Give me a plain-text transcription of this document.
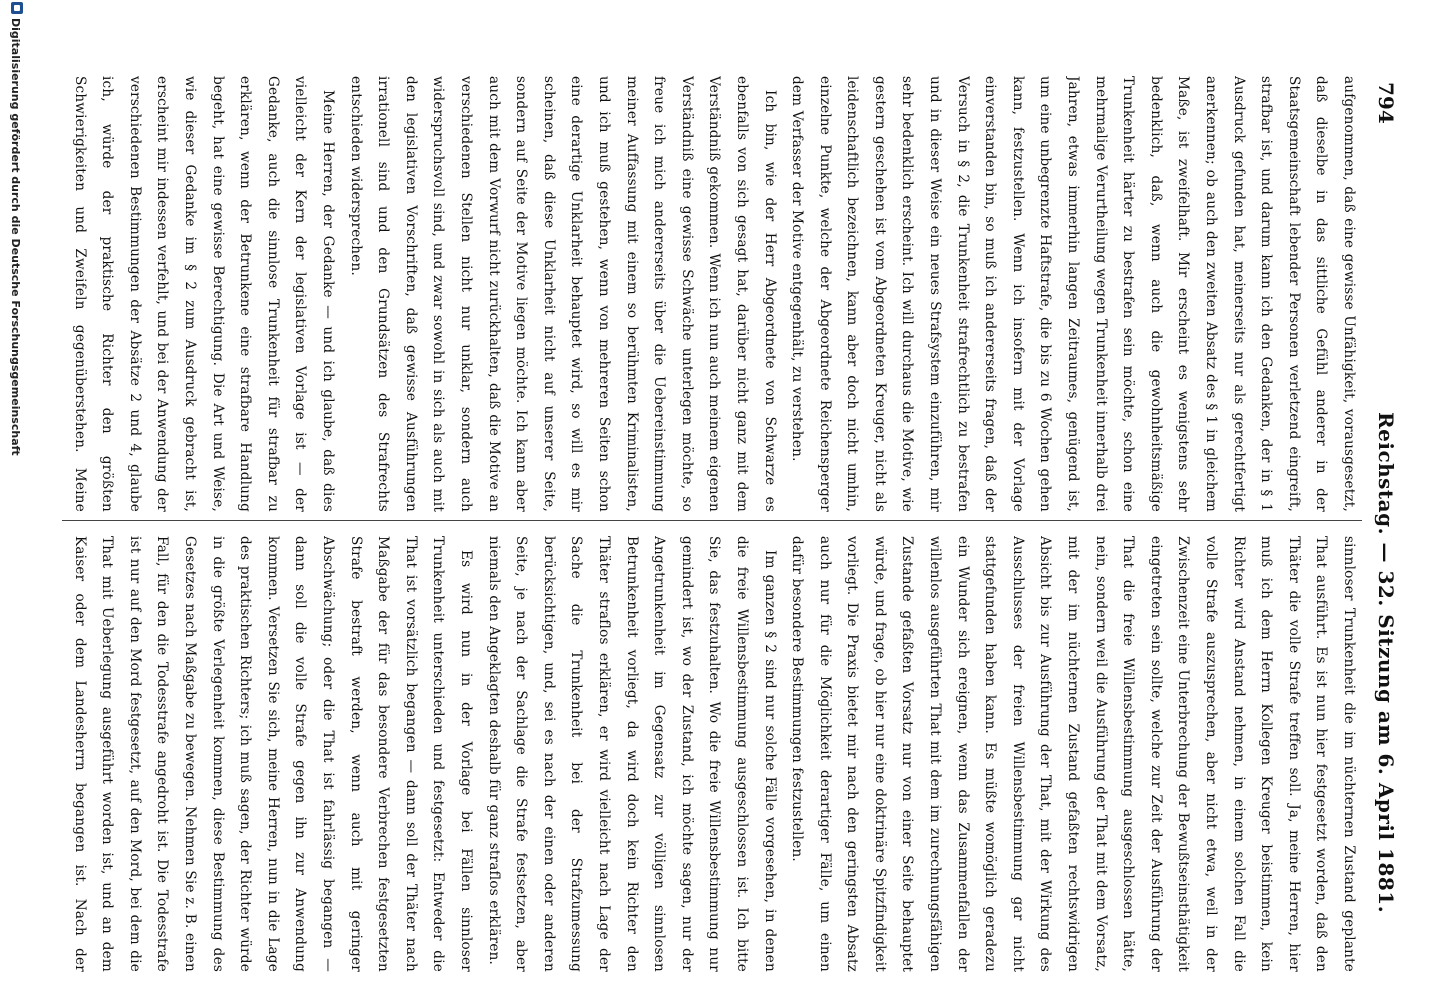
794
Reichstag. — 32. Sitzung am 6. April 1881.

aufgenommen, daß eine gewisse Unfähigkeit, vorausgesetzt, daß dieselbe in das sittliche Gefühl anderer in der Staatsgemeinschaft lebender Personen verletzend eingreift, strafbar ist, und darum kann ich den Gedanken, der in § 1 Ausdruck gefunden hat, meinerseits nur als gerechtfertigt anerkennen; ob auch den zweiten Absatz des § 1 in gleichem Maße, ist zweifelhaft. Mir erscheint es wenigstens sehr bedenklich, daß, wenn auch die gewohnheitsmäßige Trunkenheit härter zu bestrafen sein möchte, schon eine mehrmalige Verurtheilung wegen Trunkenheit innerhalb drei Jahren, etwas immerhin langen Zeitraumes, genügend ist, um eine unbegrenzte Haftstrafe, die bis zu 6 Wochen gehen kann, festzustellen. Wenn ich insofern mit der Vorlage einverstanden bin, so muß ich andererseits fragen, daß der Versuch in § 2, die Trunkenheit strafrechtlich zu bestrafen und in dieser Weise ein neues Strafsystem einzuführen, mir sehr bedenklich erscheint. Ich will durchaus die Motive, wie gestern geschehen ist vom Abgeordneten Kreuger, nicht als leidenschaftlich bezeichnen, kann aber doch nicht umhin, einzelne Punkte, welche der Abgeordnete Reichensperger dem Verfasser der Motive entgegenhält, zu verstehen.

Ich bin, wie der Herr Abgeordnete von Schwarze es ebenfalls von sich gesagt hat, darüber nicht ganz mit dem Verständniß gekommen. Wenn ich nun auch meinem eigenen Verständniß eine gewisse Schwäche unterlegen möchte, so freue ich mich andererseits über die Uebereinstimmung meiner Auffassung mit einem so berühmten Kriminalisten, und ich muß gestehen, wenn von mehreren Seiten schon eine derartige Unklarheit behauptet wird, so will es mir scheinen, daß diese Unklarheit nicht auf unserer Seite, sondern auf Seite der Motive liegen möchte. Ich kann aber auch mit dem Vorwurf nicht zurückhalten, daß die Motive an verschiedenen Stellen nicht nur unklar, sondern auch widerspruchsvoll sind, und zwar sowohl in sich als auch mit den legislativen Vorschriften, daß gewisse Ausführungen irrationell sind und den Grundsätzen des Strafrechts entschieden widersprechen.

Meine Herren, der Gedanke — und ich glaube, daß dies vielleicht der Kern der legislativen Vorlage ist — der Gedanke, auch die sinnlose Trunkenheit für strafbar zu erklären, wenn der Betrunkene eine strafbare Handlung begeht, hat eine gewisse Berechtigung. Die Art und Weise, wie dieser Gedanke im § 2 zum Ausdruck gebracht ist, erscheint mir indessen verfehlt, und bei der Anwendung der verschiedenen Bestimmungen der Absätze 2 und 4, glaube ich, würde der praktische Richter den größten Schwierigkeiten und Zweifeln gegenüberstehen. Meine

sinnloser Trunkenheit die im nüchternen Zustand geplante That ausführt. Es ist nun hier festgesetzt worden, daß den Thäter die volle Strafe treffen soll. Ja, meine Herren, hier muß ich dem Herrn Kollegen Kreuger beistimmen, kein Richter wird Anstand nehmen, in einem solchen Fall die volle Strafe auszusprechen, aber nicht etwa, weil in der Zwischenzeit eine Unterbrechung der Bewußtseinsthätigkeit eingetreten sein sollte, welche zur Zeit der Ausführung der That die freie Willensbestimmung ausgeschlossen hätte, nein, sondern weil die Ausführung der That mit dem Vorsatz, mit der im nüchternen Zustand gefaßten rechtswidrigen Absicht bis zur Ausführung der That, mit der Wirkung des Ausschlusses der freien Willensbestimmung gar nicht stattgefunden haben kann. Es müßte womöglich geradezu ein Wunder sich ereignen, wenn das Zusammenfallen der willenlos ausgeführten That mit dem im zurechnungsfähigen Zustande gefaßten Vorsatz nur von einer Seite behauptet würde, und frage, ob hier nur eine doktrinäre Spitzfindigkeit vorliegt. Die Praxis bietet mir nach den geringsten Absatz auch nur für die Möglichkeit derartiger Fälle, um einen dafür besondere Bestimmungen festzustellen.

Im ganzen § 2 sind nur solche Fälle vorgesehen, in denen die freie Willensbestimmung ausgeschlossen ist. Ich bitte Sie, das festzuhalten. Wo die freie Willensbestimmung nur gemindert ist, wo der Zustand, ich möchte sagen, nur der Angetrunkenheit im Gegensatz zur völligen sinnlosen Betrunkenheit vorliegt, da wird doch kein Richter den Thäter straflos erklären, er wird vielleicht nach Lage der Sache die Trunkenheit bei der Strafzumessung berücksichtigen, und, sei es nach der einen oder anderen Seite, je nach der Sachlage die Strafe festsetzen, aber niemals den Angeklagten deshalb für ganz straflos erklären.

Es wird nun in der Vorlage bei Fällen sinnloser Trunkenheit unterschieden und festgesetzt: Entweder die That ist vorsätzlich begangen — dann soll der Thäter nach Maßgabe der für das besondere Verbrechen festgesetzten Strafe bestraft werden, wenn auch mit geringer Abschwächung; oder die That ist fahrlässig begangen — dann soll die volle Strafe gegen ihn zur Anwendung kommen. Versetzen Sie sich, meine Herren, nun in die Lage des praktischen Richters; ich muß sagen, der Richter würde in die größte Verlegenheit kommen, diese Bestimmung des Gesetzes nach Maßgabe zu bewegen. Nehmen Sie z. B. einen Fall, für den die Todesstrafe angedroht ist. Die Todesstrafe ist nur auf den Mord festgesetzt, auf den Mord, bei dem die That mit Ueberlegung ausgeführt worden ist, und an dem Kaiser oder dem Landesherrn begangen ist. Nach der

Digitalisierung gefördert durch die Deutsche Forschungsgemeinschaft
